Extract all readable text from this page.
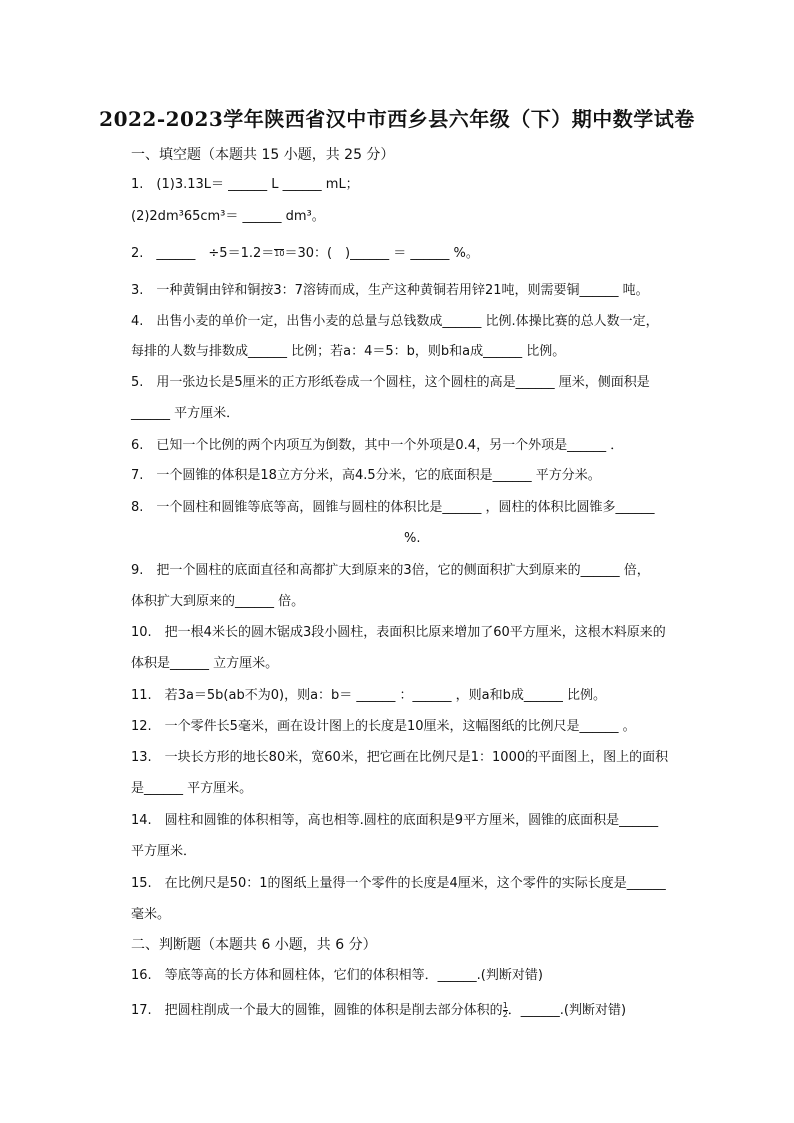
2022-2023学年陕西省汉中市西乡县六年级（下）期中数学试卷
一、填空题（本题共 15 小题，共 25 分）
1.　(1)3.13L＝ ______ L ______ mL；
(2)2dm³65cm³＝ ______ dm³。
2.　______　÷5＝1.2＝ 10 ＝30：(　)______ ＝ ______ %。
3.　一种黄铜由锌和铜按3：7溶铸而成，生产这种黄铜若用锌21吨，则需要铜______ 吨。
4.　出售小麦的单价一定，出售小麦的总量与总钱数成______ 比例.体操比赛的总人数一定，
每排的人数与排数成______ 比例；若a：4＝5：b，则b和a成______ 比例。
5.　用一张边长是5厘米的正方形纸卷成一个圆柱，这个圆柱的高是______ 厘米，侧面积是
______ 平方厘米．
6.　已知一个比例的两个内项互为倒数，其中一个外项是0.4，另一个外项是______ ．
7.　一个圆锥的体积是18立方分米，高4.5分米，它的底面积是______ 平方分米。
8.　一个圆柱和圆锥等底等高，圆锥与圆柱的体积比是______ ，圆柱的体积比圆锥多______
%.
9.　把一个圆柱的底面直径和高都扩大到原来的3倍，它的侧面积扩大到原来的______ 倍，
体积扩大到原来的______ 倍。
10.　把一根4米长的圆木锯成3段小圆柱，表面积比原来增加了60平方厘米，这根木料原来的
体积是______ 立方厘米。
11.　若3a＝5b(ab不为0)，则a：b＝ ______ ：______ ，则a和b成______ 比例。
12.　一个零件长5毫米，画在设计图上的长度是10厘米，这幅图纸的比例尺是______ 。
13.　一块长方形的地长80米，宽60米，把它画在比例尺是1：1000的平面图上，图上的面积
是______ 平方厘米。
14.　圆柱和圆锥的体积相等，高也相等.圆柱的底面积是9平方厘米，圆锥的底面积是______
平方厘米．
15.　在比例尺是50：1的图纸上量得一个零件的长度是4厘米，这个零件的实际长度是______
毫米。
二、判断题（本题共 6 小题，共 6 分）
16.　等底等高的长方体和圆柱体，它们的体积相等．______.(判断对错)
17.　把圆柱削成一个最大的圆锥，圆锥的体积是削去部分体积的 $\frac{1}{2}$ ．______.(判断对错)
